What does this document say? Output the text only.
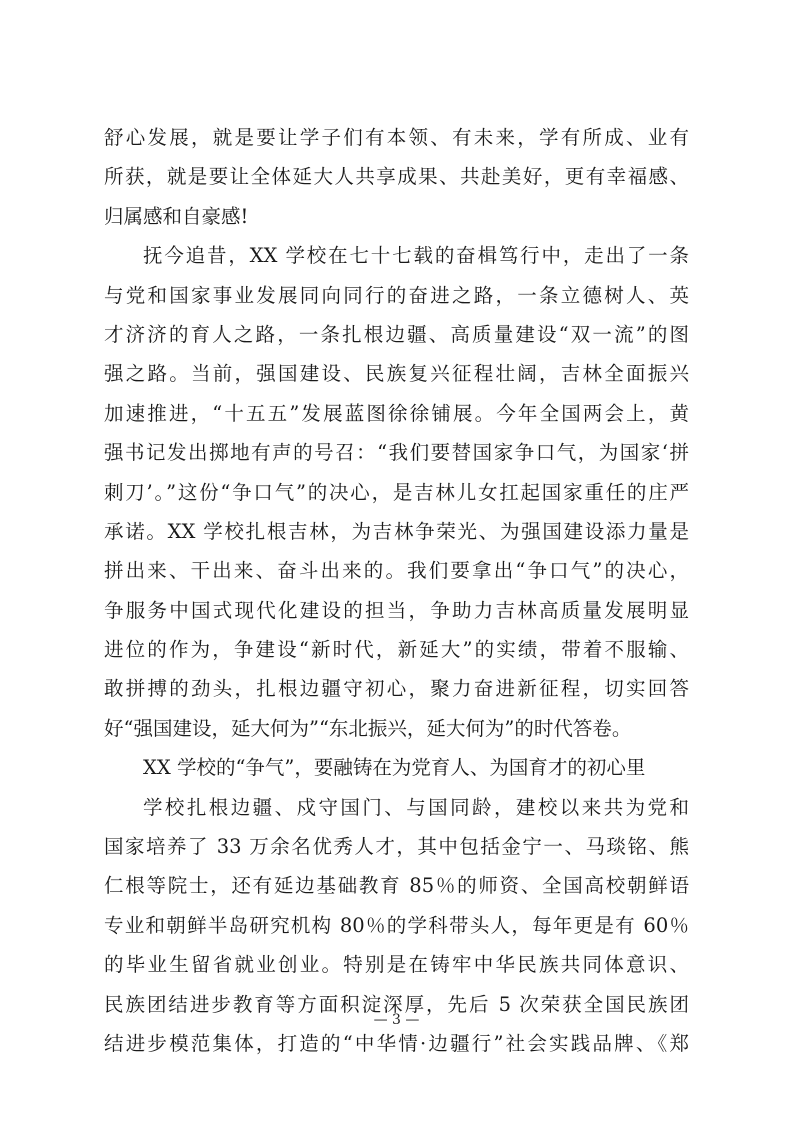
舒心发展，就是要让学子们有本领、有未来，学有所成、业有
所获，就是要让全体延大人共享成果、共赴美好，更有幸福感、
归属感和自豪感!
抚今追昔，XX 学校在七十七载的奋楫笃行中，走出了一条
与党和国家事业发展同向同行的奋进之路，一条立德树人、英
才济济的育人之路，一条扎根边疆、高质量建设“双一流”的图
强之路。当前，强国建设、民族复兴征程壮阔，吉林全面振兴
加速推进，“十五五”发展蓝图徐徐铺展。今年全国两会上，黄
强书记发出掷地有声的号召：“我们要替国家争口气，为国家‘拼
刺刀’。”这份“争口气”的决心，是吉林儿女扛起国家重任的庄严
承诺。XX 学校扎根吉林，为吉林争荣光、为强国建设添力量是
拼出来、干出来、奋斗出来的。我们要拿出“争口气”的决心，
争服务中国式现代化建设的担当，争助力吉林高质量发展明显
进位的作为，争建设“新时代，新延大”的实绩，带着不服输、
敢拼搏的劲头，扎根边疆守初心，聚力奋进新征程，切实回答
好“强国建设，延大何为”“东北振兴，延大何为”的时代答卷。
XX 学校的“争气”，要融铸在为党育人、为国育才的初心里
学校扎根边疆、戍守国门、与国同龄，建校以来共为党和
国家培养了 33 万余名优秀人才，其中包括金宁一、马琰铭、熊
仁根等院士，还有延边基础教育 85％的师资、全国高校朝鲜语
专业和朝鲜半岛研究机构 80％的学科带头人，每年更是有 60％
的毕业生留省就业创业。特别是在铸牢中华民族共同体意识、
民族团结进步教育等方面积淀深厚，先后 5 次荣获全国民族团
结进步模范集体，打造的“中华情·边疆行”社会实践品牌、《郑
— 3 —
